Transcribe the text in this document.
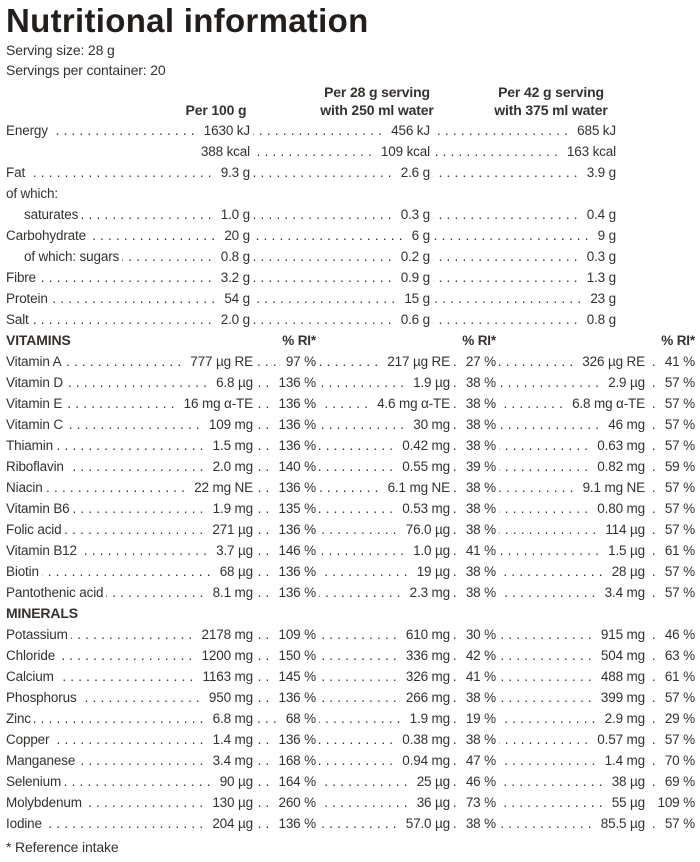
Nutritional information
Serving size: 28 g
Servings per container: 20
Per 100 g
Per 28 g serving
with 250 ml water
Per 42 g serving
with 375 ml water
Energy .....	1630 kJ .....	456 kJ .....	685 kJ
388 kcal .....	109 kcal .....	163 kcal
Fat .....	9.3 g .....	2.6 g .....	3.9 g
of which:
saturates .....	1.0 g .....	0.3 g .....	0.4 g
Carbohydrate .....	20 g .....	6 g .....	9 g
of which: sugars .....	0.8 g .....	0.2 g .....	0.3 g
Fibre .....	3.2 g .....	0.9 g .....	1.3 g
Protein .....	54 g .....	15 g .....	23 g
Salt .....	2.0 g .....	0.6 g .....	0.8 g
VITAMINS	% RI*	% RI*	% RI*
Vitamin A .....	777 µg RE ..... 97 % .....	217 µg RE ..... 27 % .....	326 µg RE ..... 41 %
Vitamin D .....	6.8 µg ..... 136 % .....	1.9 µg ..... 38 % .....	2.9 µg ..... 57 %
Vitamin E .....	16 mg α-TE ..... 136 % .....	4.6 mg α-TE ..... 38 % .....	6.8 mg α-TE ..... 57 %
Vitamin C .....	109 mg ..... 136 % .....	30 mg ..... 38 % .....	46 mg ..... 57 %
Thiamin .....	1.5 mg ..... 136 % .....	0.42 mg ..... 38 % .....	0.63 mg ..... 57 %
Riboflavin .....	2.0 mg ..... 140 % .....	0.55 mg ..... 39 % .....	0.82 mg ..... 59 %
Niacin .....	22 mg NE ..... 136 % .....	6.1 mg NE ..... 38 % .....	9.1 mg NE ..... 57 %
Vitamin B6 .....	1.9 mg ..... 135 % .....	0.53 mg ..... 38 % .....	0.80 mg ..... 57 %
Folic acid .....	271 µg ..... 136 % .....	76.0 µg ..... 38 % .....	114 µg ..... 57 %
Vitamin B12 .....	3.7 µg ..... 146 % .....	1.0 µg ..... 41 % .....	1.5 µg ..... 61 %
Biotin .....	68 µg ..... 136 % .....	19 µg ..... 38 % .....	28 µg ..... 57 %
Pantothenic acid .....	8.1 mg ..... 136 % .....	2.3 mg ..... 38 % .....	3.4 mg ..... 57 %
MINERALS
Potassium .....	2178 mg ..... 109 % .....	610 mg ..... 30 % .....	915 mg ..... 46 %
Chloride .....	1200 mg ..... 150 % .....	336 mg ..... 42 % .....	504 mg ..... 63 %
Calcium .....	1163 mg ..... 145 % .....	326 mg ..... 41 % .....	488 mg ..... 61 %
Phosphorus .....	950 mg ..... 136 % .....	266 mg ..... 38 % .....	399 mg ..... 57 %
Zinc .....	6.8 mg ..... 68 % .....	1.9 mg ..... 19 % .....	2.9 mg ..... 29 %
Copper .....	1.4 mg ..... 136 % .....	0.38 mg ..... 38 % .....	0.57 mg ..... 57 %
Manganese .....	3.4 mg ..... 168 % .....	0.94 mg ..... 47 % .....	1.4 mg ..... 70 %
Selenium .....	90 µg ..... 164 % .....	25 µg ..... 46 % .....	38 µg ..... 69 %
Molybdenum .....	130 µg ..... 260 % .....	36 µg ..... 73 % .....	55 µg ..... 109 %
Iodine .....	204 µg ..... 136 % .....	57.0 µg ..... 38 % .....	85.5 µg ..... 57 %
* Reference intake
